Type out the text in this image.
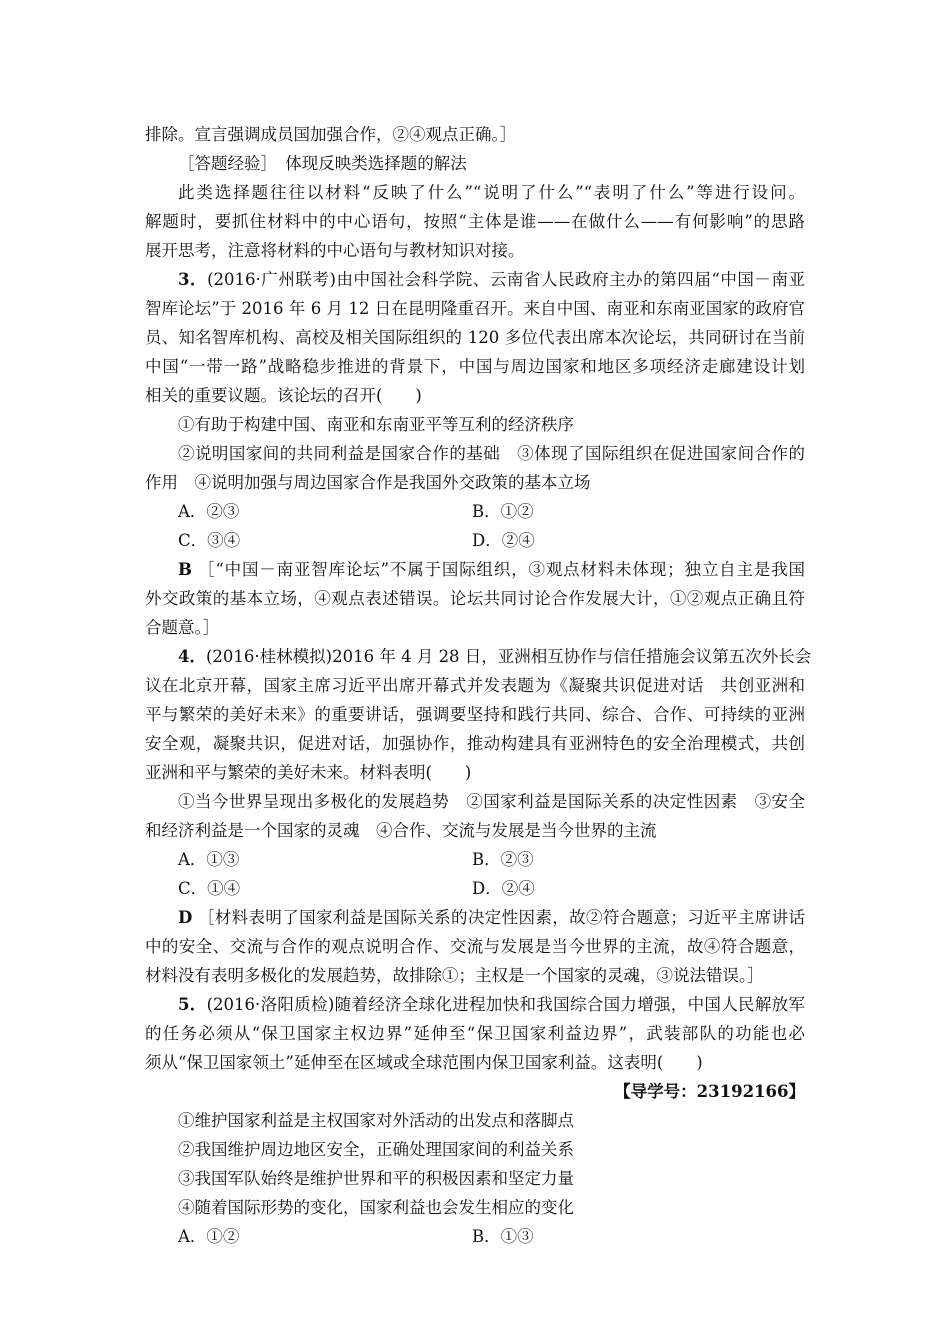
排除。宣言强调成员国加强合作，②④观点正确。］
［答题经验］　体现反映类选择题的解法
此类选择题往往以材料“反映了什么”“说明了什么”“表明了什么”等进行设问。
解题时，要抓住材料中的中心语句，按照“主体是谁——在做什么——有何影响”的思路
展开思考，注意将材料的中心语句与教材知识对接。
3．(2016·广州联考)由中国社会科学院、云南省人民政府主办的第四届“中国－南亚
智库论坛”于 2016 年 6 月 12 日在昆明隆重召开。来自中国、南亚和东南亚国家的政府官
员、知名智库机构、高校及相关国际组织的 120 多位代表出席本次论坛，共同研讨在当前
中国“一带一路”战略稳步推进的背景下，中国与周边国家和地区多项经济走廊建设计划
相关的重要议题。该论坛的召开(　　)
①有助于构建中国、南亚和东南亚平等互利的经济秩序
②说明国家间的共同利益是国家合作的基础　③体现了国际组织在促进国家间合作的
作用　④说明加强与周边国家合作是我国外交政策的基本立场
A．②③	B．①②
C．③④	D．②④
B ［“中国－南亚智库论坛”不属于国际组织，③观点材料未体现；独立自主是我国
外交政策的基本立场，④观点表述错误。论坛共同讨论合作发展大计，①②观点正确且符
合题意。］
4．(2016·桂林模拟)2016 年 4 月 28 日，亚洲相互协作与信任措施会议第五次外长会
议在北京开幕，国家主席习近平出席开幕式并发表题为《凝聚共识促进对话　共创亚洲和
平与繁荣的美好未来》的重要讲话，强调要坚持和践行共同、综合、合作、可持续的亚洲
安全观，凝聚共识，促进对话，加强协作，推动构建具有亚洲特色的安全治理模式，共创
亚洲和平与繁荣的美好未来。材料表明(　　)
①当今世界呈现出多极化的发展趋势　②国家利益是国际关系的决定性因素　③安全
和经济利益是一个国家的灵魂　④合作、交流与发展是当今世界的主流
A．①③	B．②③
C．①④	D．②④
D ［材料表明了国家利益是国际关系的决定性因素，故②符合题意；习近平主席讲话
中的安全、交流与合作的观点说明合作、交流与发展是当今世界的主流，故④符合题意，
材料没有表明多极化的发展趋势，故排除①；主权是一个国家的灵魂，③说法错误。］
5．(2016·洛阳质检)随着经济全球化进程加快和我国综合国力增强，中国人民解放军
的任务必须从“保卫国家主权边界”延伸至“保卫国家利益边界”，武装部队的功能也必
须从“保卫国家领土”延伸至在区域或全球范围内保卫国家利益。这表明(　　)
【导学号：23192166】
①维护国家利益是主权国家对外活动的出发点和落脚点
②我国维护周边地区安全，正确处理国家间的利益关系
③我国军队始终是维护世界和平的积极因素和坚定力量
④随着国际形势的变化，国家利益也会发生相应的变化
A．①②	B．①③
